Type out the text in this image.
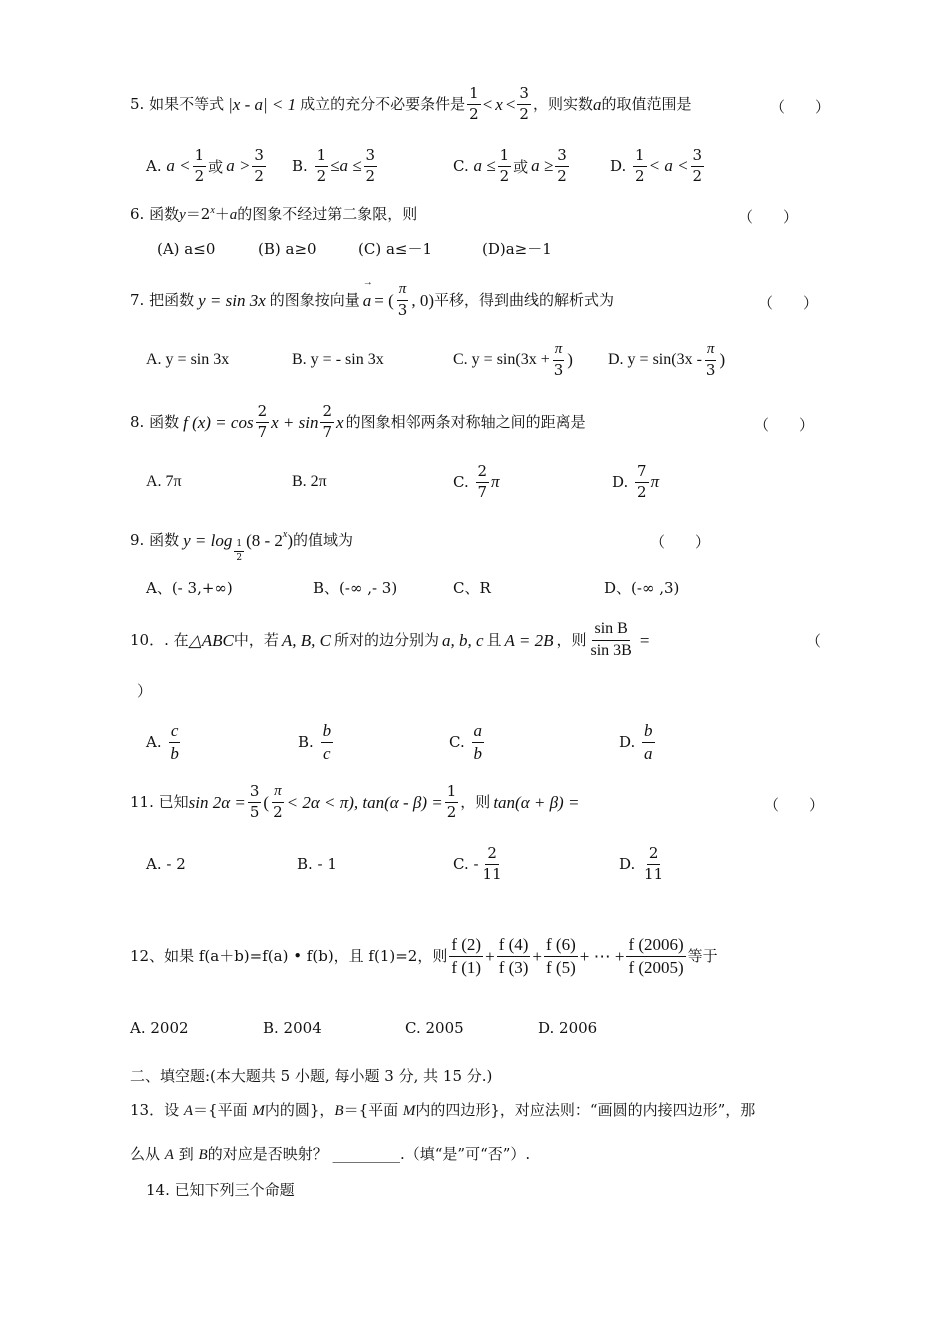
5. 如果不等式 |x - a| < 1 成立的充分不必要条件是 $\frac{1}{2} < x < \frac{3}{2}$ ，则实数 a 的取值范围是	（　　）
A.
$a < \frac{1}{2}$ 或 $a > \frac{3}{2} B$.
$\frac{1}{2} \le a \le \frac{3}{2}$	C.
$a \le \frac{1}{2}$ 或 $a \ge \frac{3}{2}$	D.
$\frac{1}{2} < a < \frac{3}{2}$
6. 函数$y=2^x+a$的图象不经过第二象限，则	（　　）
(A) a≤0	(B) a≥0	(C) a≤－1	(D)a≥－1
7. 把函数 y = sin 3x 的图象按向量
→ a = ( $\frac{\pi}{3}$ , 0) 平移，得到曲线的解析式为	（　　）
A. y = sin 3x	B. y = - sin 3x	C. $y = \sin(3x + \frac{\pi}{3}$ ) D. $y = \sin(3x - \frac{\pi}{3}$ )
8. 函数 f $(x) = \cos \frac{2}{7}$ $x + \sin \frac{2}{7}$ x 的图象相邻两条对称轴之间的距离是	（　　）
A. 7π	B. 2π	C.
$\frac{2}{7}$ π	D.
$\frac{7}{2}$ π
9. 函数 $y = \log \frac{1}{2} (8 - 2$ x ) 的值域为	（　　）
A、(- 3,+∞)	B、(-∞ ,- 3)	C、R	D、(-∞ ,3)
10．. 在 △ABC 中，若 A, B, C 所对的边分别为 a, b, c 且 A = 2B ，则 $\frac{\text{sin B}}{\sin 3B}$ =	（
）
A.
$\frac{c}{b}$	B.
$\frac{b}{c}$	C.
$\frac{a}{b}$	D.
$\frac{b}{a}$
11. 已知 $\sin 2\alpha = \frac{3}{5}$ ( $\frac{\pi}{2} < 2\alpha < \pi$), $\tan(\alpha - \beta) = \frac{1}{2}$ ，则 tan(α + β) =	（　　）
A. - 2	B. - 1	C. - $\frac{2}{11}$	D.
$\frac{2}{11}$
12、如果 f(a＋b)=f(a) • f(b)，且 f(1)=2，则 $\frac{f (2)}{f (1)} + \frac{f (4)}{f (3)} + \frac{f (6)}{f (5)}$ + ⋯ + $\frac{f (2006)}{f (2005)}$ 等于
A. 2002	B. 2004	C. 2005	D. 2006
二、填空题:(本大题共 5 小题, 每小题 3 分, 共 15 分.)
13．设 A＝{平面 M内的圆}，B＝{平面 M内的四边形}，对应法则：“画圆的内接四边形”，那
么从 A 到 B的对应是否映射？ _________.（填“是”可“否”）.
14. 已知下列三个命题
